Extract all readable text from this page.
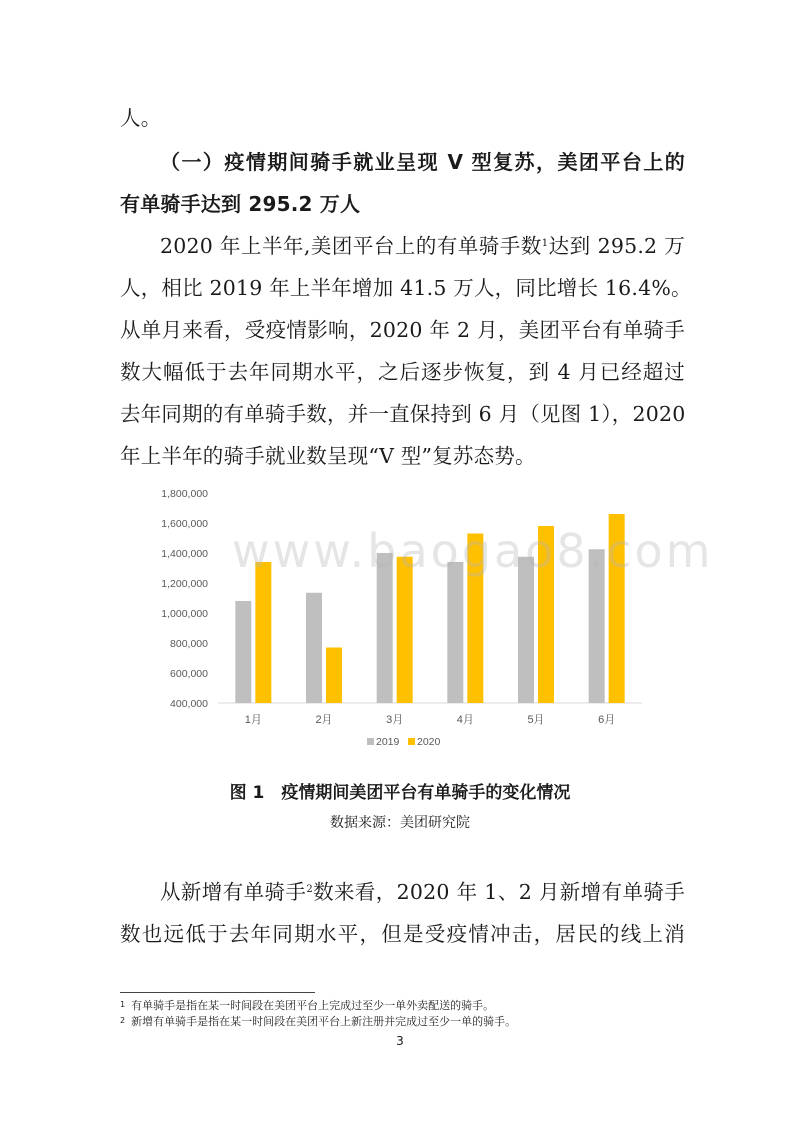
人。
（一）疫情期间骑手就业呈现 V 型复苏，美团平台上的
有单骑手达到 295.2 万人
2020 年上半年,美团平台上的有单骑手数$^1$达到 295.2 万
人，相比 2019 年上半年增加 41.5 万人，同比增长 16.4%。
从单月来看，受疫情影响，2020 年 2 月，美团平台有单骑手
数大幅低于去年同期水平，之后逐步恢复，到 4 月已经超过
去年同期的有单骑手数，并一直保持到 6 月（见图 1），2020
年上半年的骑手就业数呈现“V 型”复苏态势。
400,000
600,000
800,000
1,000,000
1,200,000
1,400,000
1,600,000
1,800,000
1月	2月	3月	4月	5月	6月
2019 2020
www.baogao8.com
图 1　疫情期间美团平台有单骑手的变化情况
数据来源：美团研究院
从新增有单骑手$^2$数来看，2020 年 1、2 月新增有单骑手
数也远低于去年同期水平，但是受疫情冲击，居民的线上消
$^1$ 有单骑手是指在某一时间段在美团平台上完成过至少一单外卖配送的骑手。
$^2$ 新增有单骑手是指在某一时间段在美团平台上新注册并完成过至少一单的骑手。
3
